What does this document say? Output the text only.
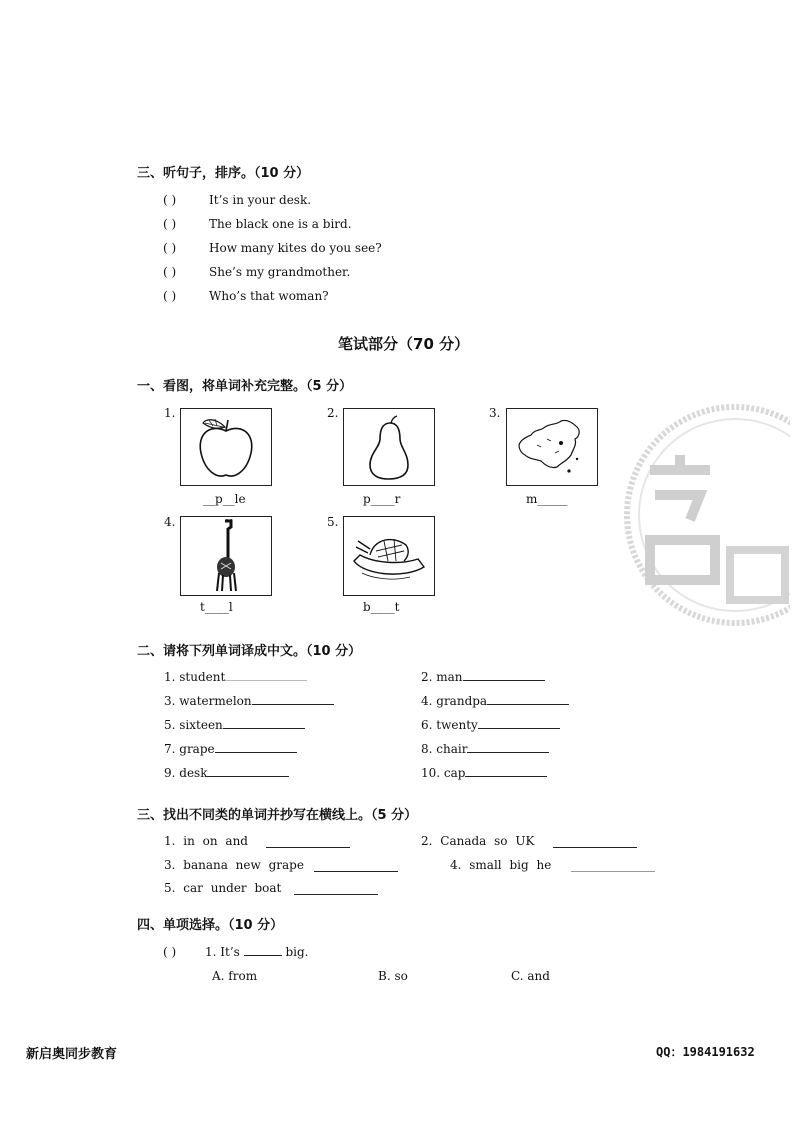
三、听句子，排序。（10 分）
( )	It’s in your desk.
( )	The black one is a bird.
( )	How many kites do you see?
( )	She’s my grandmother.
( )	Who’s that woman?
笔试部分（70 分）
一、看图，将单词补充完整。（5 分）
1.
__p__le
2.
p____r
3.
m_____
4.
t____l
5.
b____t
二、请将下列单词译成中文。（10 分）
1. student	2. man
3. watermelon	4. grandpa
5. sixteen	6. twenty
7. grape	8. chair
9. desk	10. cap
三、找出不同类的单词并抄写在横线上。（5 分）
1. in on and	2. Canada so UK
3. banana new grape	4. small big he
5. car under boat
四、单项选择。（10 分）
( ) 1. It’s	big.
A. from	B. so	C. and
新启奥同步教育	QQ：1984191632
